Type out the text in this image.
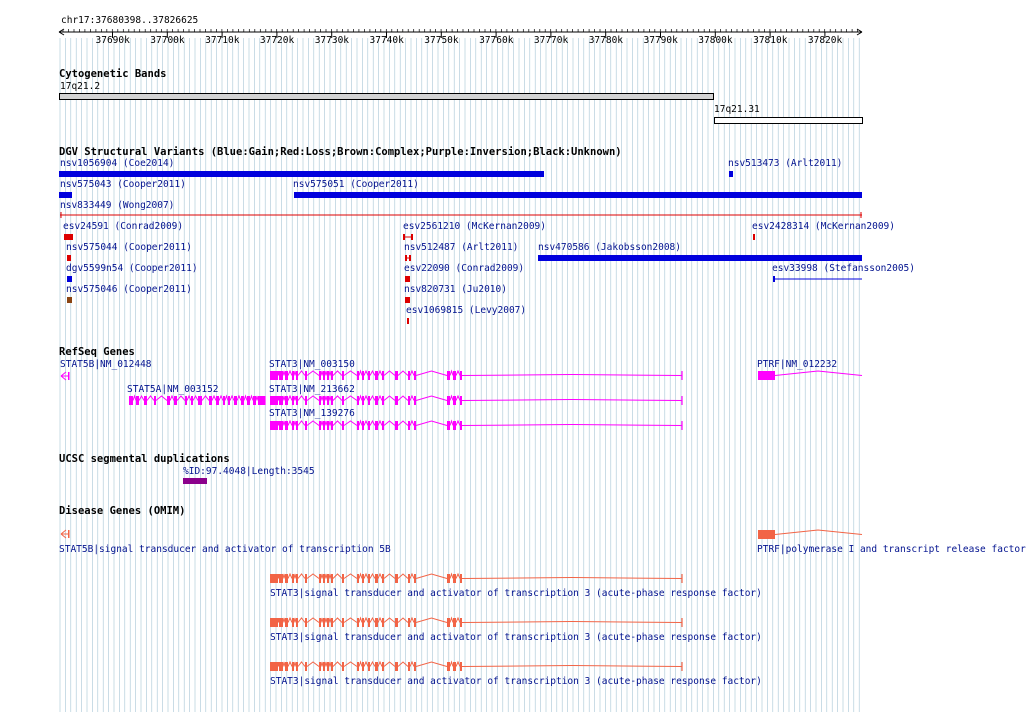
chr17:37680398..37826625
37690k 37700k 37710k 37720k 37730k 37740k 37750k 37760k 37770k 37780k 37790k 37800k 37810k 37820k
Cytogenetic Bands
17q21.2
17q21.31
DGV Structural Variants (Blue:Gain;Red:Loss;Brown:Complex;Purple:Inversion;Black:Unknown)
nsv1056904 (Coe2014)	nsv513473 (Arlt2011)
nsv575043 (Cooper2011)	nsv575051 (Cooper2011)
nsv833449 (Wong2007)
esv24591 (Conrad2009)	esv2561210 (McKernan2009)	esv2428314 (McKernan2009)
nsv575044 (Cooper2011)	nsv512487 (Arlt2011) nsv470586 (Jakobsson2008)
dgv5599n54 (Cooper2011)	esv22090 (Conrad2009)	esv33998 (Stefansson2005)
nsv575046 (Cooper2011)	nsv820731 (Ju2010)
esv1069815 (Levy2007)
RefSeq Genes
STAT5B|NM_012448	STAT3|NM_003150	PTRF|NM_012232
STAT5A|NM_003152	STAT3|NM_213662
STAT3|NM_139276
UCSC segmental duplications
%ID:97.4048|Length:3545
Disease Genes (OMIM)
STAT5B|signal transducer and activator of transcription 5B	PTRF|polymerase I and transcript release factor
STAT3|signal transducer and activator of transcription 3 (acute-phase response factor)
STAT3|signal transducer and activator of transcription 3 (acute-phase response factor)
STAT3|signal transducer and activator of transcription 3 (acute-phase response factor)
